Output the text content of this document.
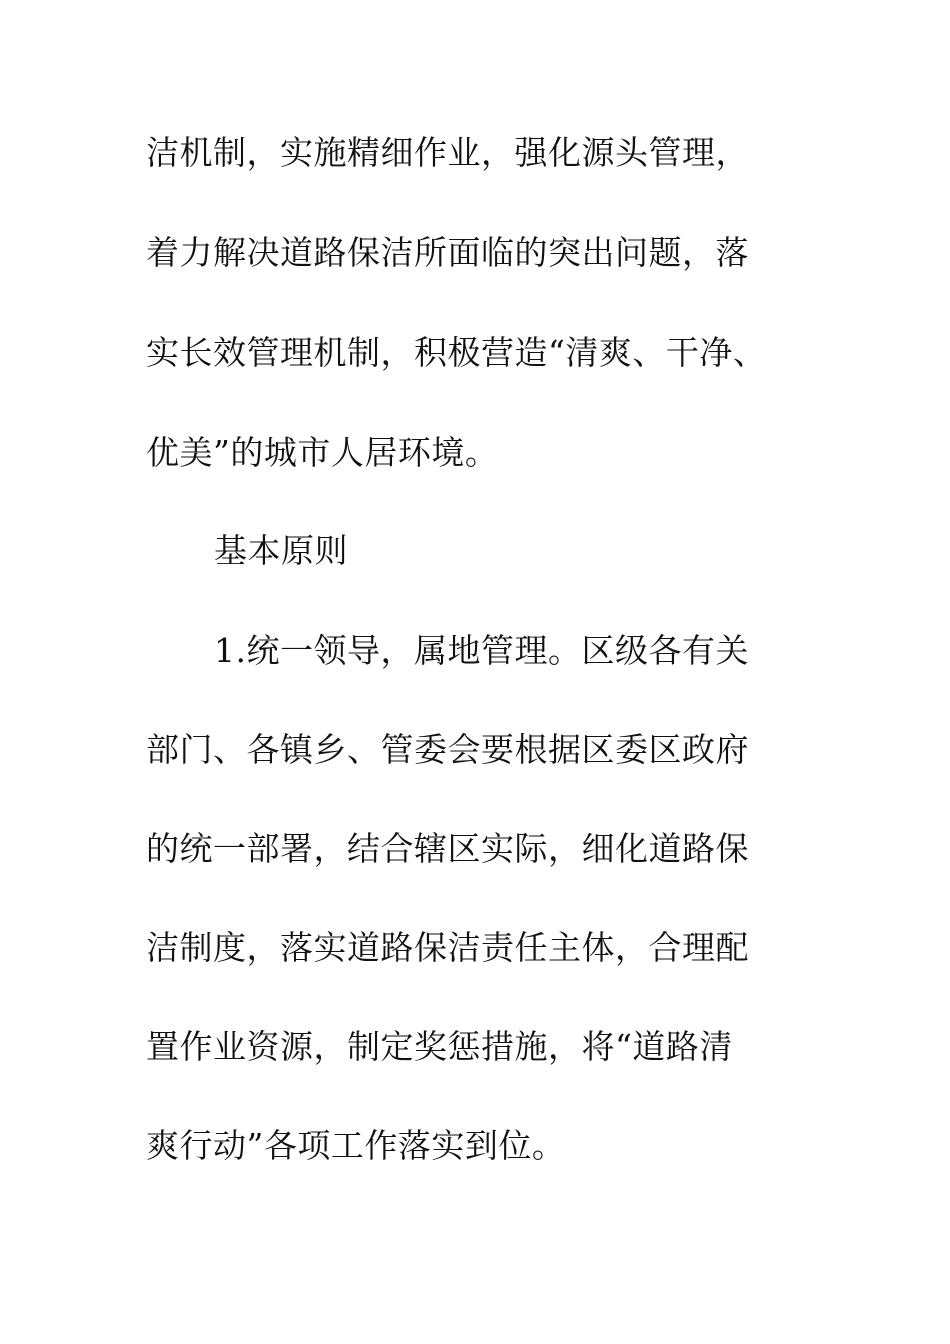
洁机制，实施精细作业，强化源头管理，
着力解决道路保洁所面临的突出问题，落
实长效管理机制，积极营造“清爽、干净、
优美”的城市人居环境。
基本原则
1.统一领导，属地管理。区级各有关
部门、各镇乡、管委会要根据区委区政府
的统一部署，结合辖区实际，细化道路保
洁制度，落实道路保洁责任主体，合理配
置作业资源，制定奖惩措施，将“道路清
爽行动”各项工作落实到位。
